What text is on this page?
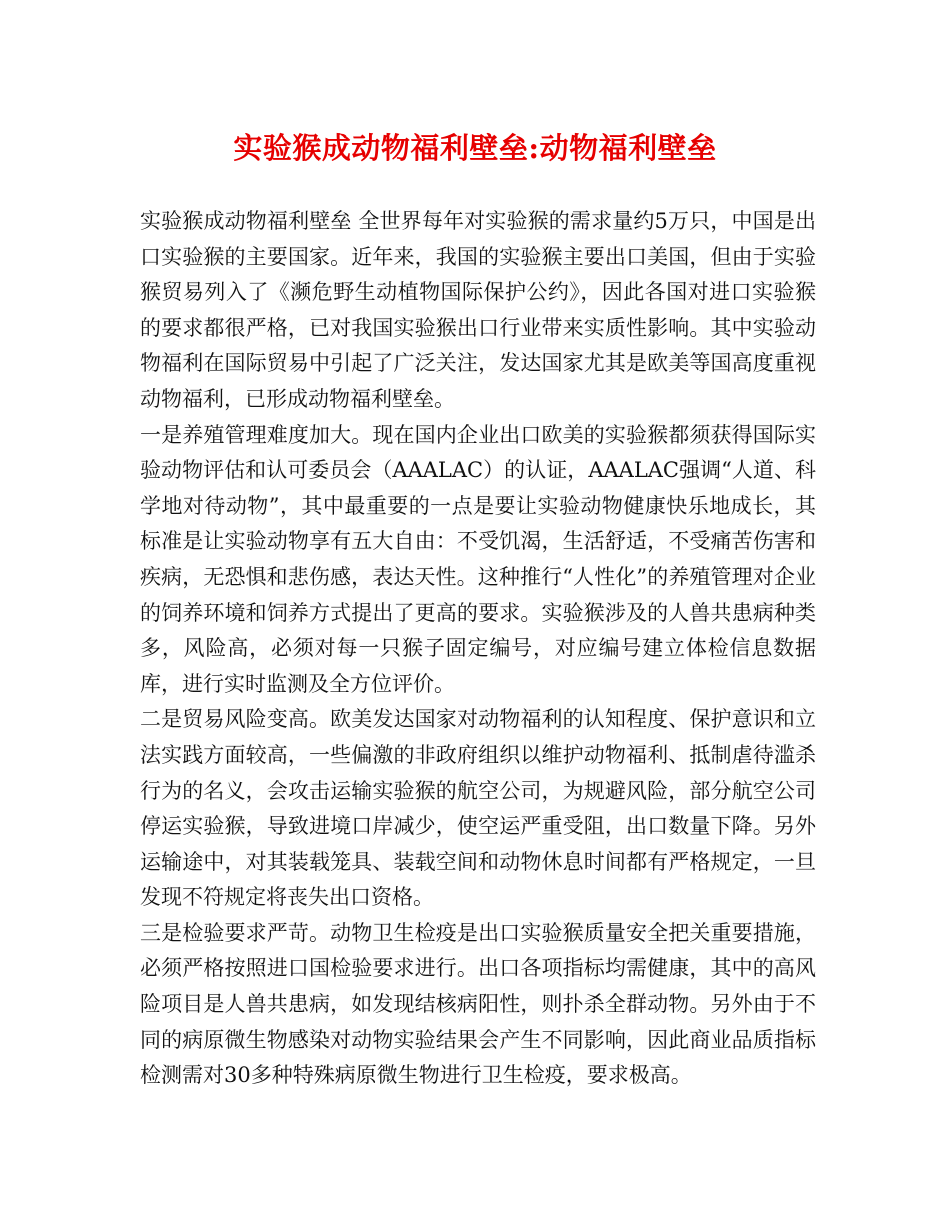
实验猴成动物福利壁垒:动物福利壁垒

实验猴成动物福利壁垒 全世界每年对实验猴的需求量约5万只，中国是出口实验猴的主要国家。近年来，我国的实验猴主要出口美国，但由于实验猴贸易列入了《濒危野生动植物国际保护公约》，因此各国对进口实验猴的要求都很严格，已对我国实验猴出口行业带来实质性影响。其中实验动物福利在国际贸易中引起了广泛关注，发达国家尤其是欧美等国高度重视动物福利，已形成动物福利壁垒。

一是养殖管理难度加大。现在国内企业出口欧美的实验猴都须获得国际实验动物评估和认可委员会（AAALAC）的认证，AAALAC强调“人道、科学地对待动物”，其中最重要的一点是要让实验动物健康快乐地成长，其标准是让实验动物享有五大自由：不受饥渴，生活舒适，不受痛苦伤害和疾病，无恐惧和悲伤感，表达天性。这种推行“人性化”的养殖管理对企业的饲养环境和饲养方式提出了更高的要求。实验猴涉及的人兽共患病种类多，风险高，必须对每一只猴子固定编号，对应编号建立体检信息数据库，进行实时监测及全方位评价。

二是贸易风险变高。欧美发达国家对动物福利的认知程度、保护意识和立法实践方面较高，一些偏激的非政府组织以维护动物福利、抵制虐待滥杀行为的名义，会攻击运输实验猴的航空公司，为规避风险，部分航空公司停运实验猴，导致进境口岸减少，使空运严重受阻，出口数量下降。另外运输途中，对其装载笼具、装载空间和动物休息时间都有严格规定，一旦发现不符规定将丧失出口资格。

三是检验要求严苛。动物卫生检疫是出口实验猴质量安全把关重要措施，必须严格按照进口国检验要求进行。出口各项指标均需健康，其中的高风险项目是人兽共患病，如发现结核病阳性，则扑杀全群动物。另外由于不同的病原微生物感染对动物实验结果会产生不同影响，因此商业品质指标检测需对30多种特殊病原微生物进行卫生检疫，要求极高。
